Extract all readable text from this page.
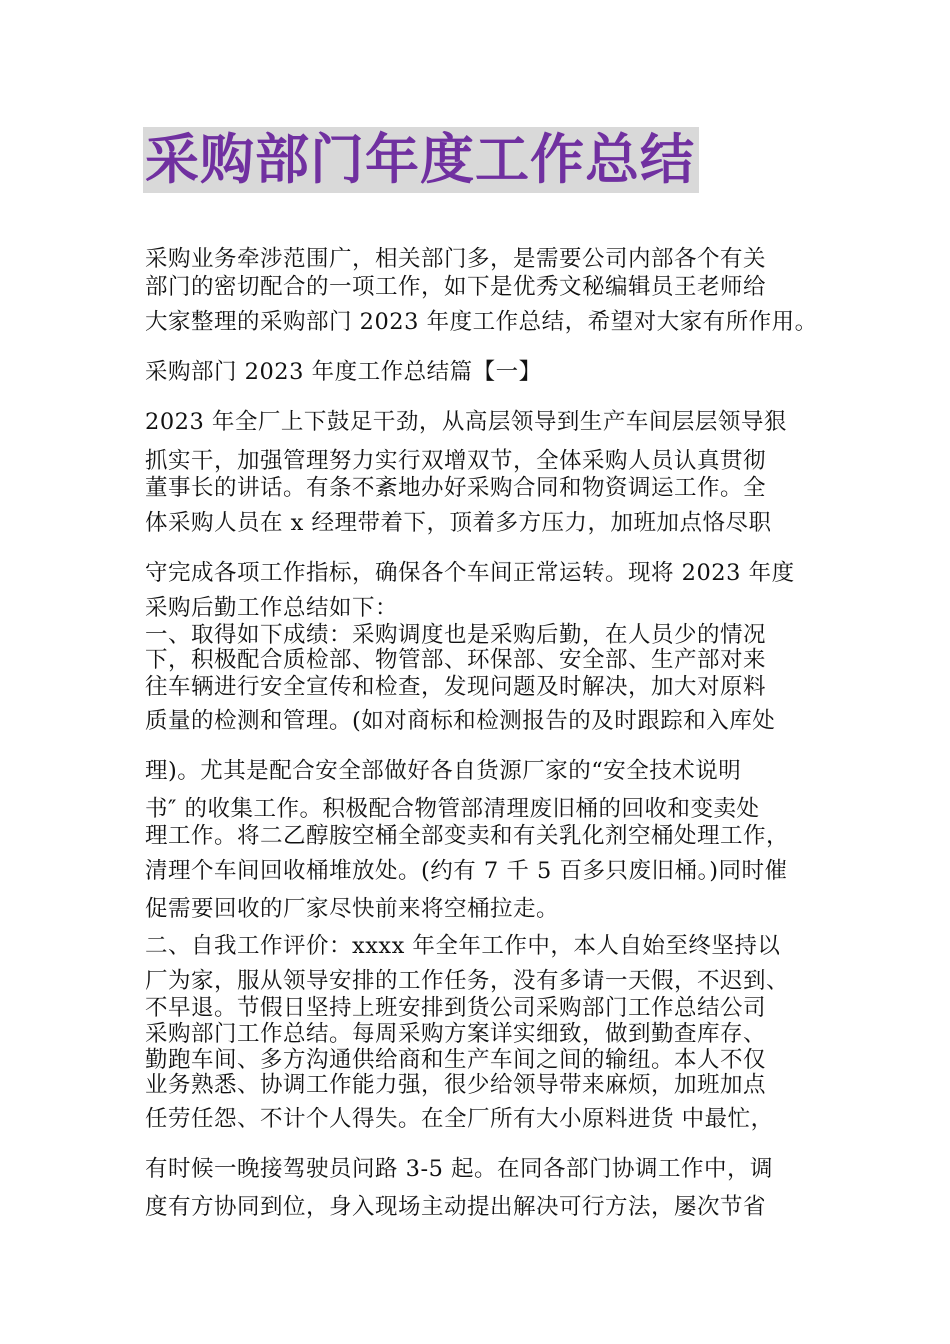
采购部门年度工作总结
采购业务牵涉范围广，相关部门多，是需要公司内部各个有关
部门的密切配合的一项工作，如下是优秀文秘编辑员王老师给
大家整理的采购部门 2023 年度工作总结，希望对大家有所作用。
采购部门 2023 年度工作总结篇【一】
2023 年全厂上下鼓足干劲，从高层领导到生产车间层层领导狠
抓实干，加强管理努力实行双增双节，全体采购人员认真贯彻
董事长的讲话。有条不紊地办好采购合同和物资调运工作。全
体采购人员在 x 经理带着下，顶着多方压力，加班加点恪尽职
守完成各项工作指标，确保各个车间正常运转。现将 2023 年度
采购后勤工作总结如下：
一、取得如下成绩：采购调度也是采购后勤，在人员少的情况
下，积极配合质检部、物管部、环保部、安全部、生产部对来
往车辆进行安全宣传和检查，发现问题及时解决，加大对原料
质量的检测和管理。(如对商标和检测报告的及时跟踪和入库处
理)。尤其是配合安全部做好各自货源厂家的“安全技术说明
书″ 的收集工作。积极配合物管部清理废旧桶的回收和变卖处
理工作。将二乙醇胺空桶全部变卖和有关乳化剂空桶处理工作，
清理个车间回收桶堆放处。(约有 7 千 5 百多只废旧桶。)同时催
促需要回收的厂家尽快前来将空桶拉走。
二、自我工作评价：xxxx 年全年工作中，本人自始至终坚持以
厂为家，服从领导安排的工作任务，没有多请一天假，不迟到、
不早退。节假日坚持上班安排到货公司采购部门工作总结公司
采购部门工作总结。每周采购方案详实细致，做到勤查库存、
勤跑车间、多方沟通供给商和生产车间之间的输纽。本人不仅
业务熟悉、协调工作能力强，很少给领导带来麻烦，加班加点
任劳任怨、不计个人得失。在全厂所有大小原料进货 中最忙，
有时候一晚接驾驶员问路 3-5 起。在同各部门协调工作中，调
度有方协同到位，身入现场主动提出解决可行方法，屡次节省
